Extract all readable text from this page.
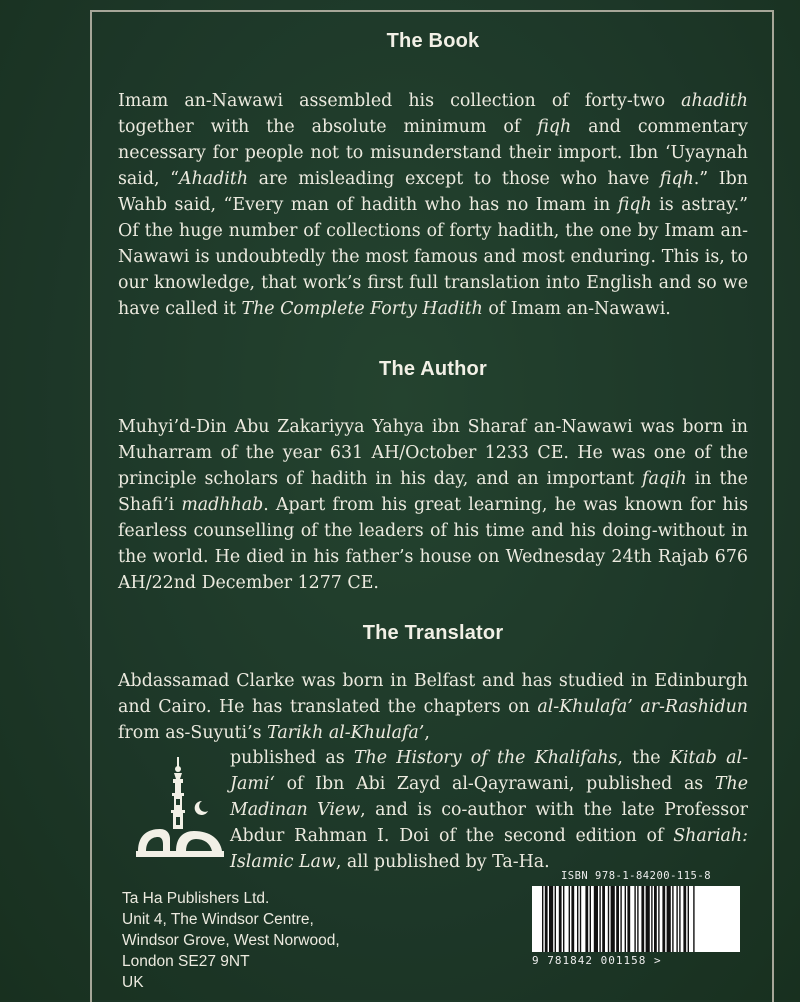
The Book

Imam an-Nawawi assembled his collection of forty-two ahadith together with the absolute minimum of fiqh and commentary necessary for people not to misunderstand their import. Ibn ‘Uyaynah said, “Ahadith are misleading except to those who have fiqh.” Ibn Wahb said, “Every man of hadith who has no Imam in fiqh is astray.” Of the huge number of collections of forty hadith, the one by Imam an-Nawawi is undoubtedly the most famous and most enduring. This is, to our knowledge, that work’s first full translation into English and so we have called it The Complete Forty Hadith of Imam an-Nawawi.

The Author

Muhyi’d-Din Abu Zakariyya Yahya ibn Sharaf an-Nawawi was born in Muharram of the year 631 AH/October 1233 CE. He was one of the principle scholars of hadith in his day, and an important faqih in the Shafi’i madhhab. Apart from his great learning, he was known for his fearless counselling of the leaders of his time and his doing-without in the world. He died in his father’s house on Wednesday 24th Rajab 676 AH/22nd December 1277 CE.

The Translator

Abdassamad Clarke was born in Belfast and has studied in Edinburgh and Cairo. He has translated the chapters on al-Khulafa’ ar-Rashidun from as-Suyuti’s Tarikh al-Khulafa’,

published as The History of the Khalifahs, the Kitab al-Jami‘ of Ibn Abi Zayd al-Qayrawani, published as The Madinan View, and is co-author with the late Professor Abdur Rahman I. Doi of the second edition of Shariah: Islamic Law, all published by Ta-Ha.

Ta Ha Publishers Ltd.
Unit 4, The Windsor Centre,
Windsor Grove, West Norwood,
London SE27 9NT
UK
ISBN 978-1-84200-115-8
9 781842 001158 >
